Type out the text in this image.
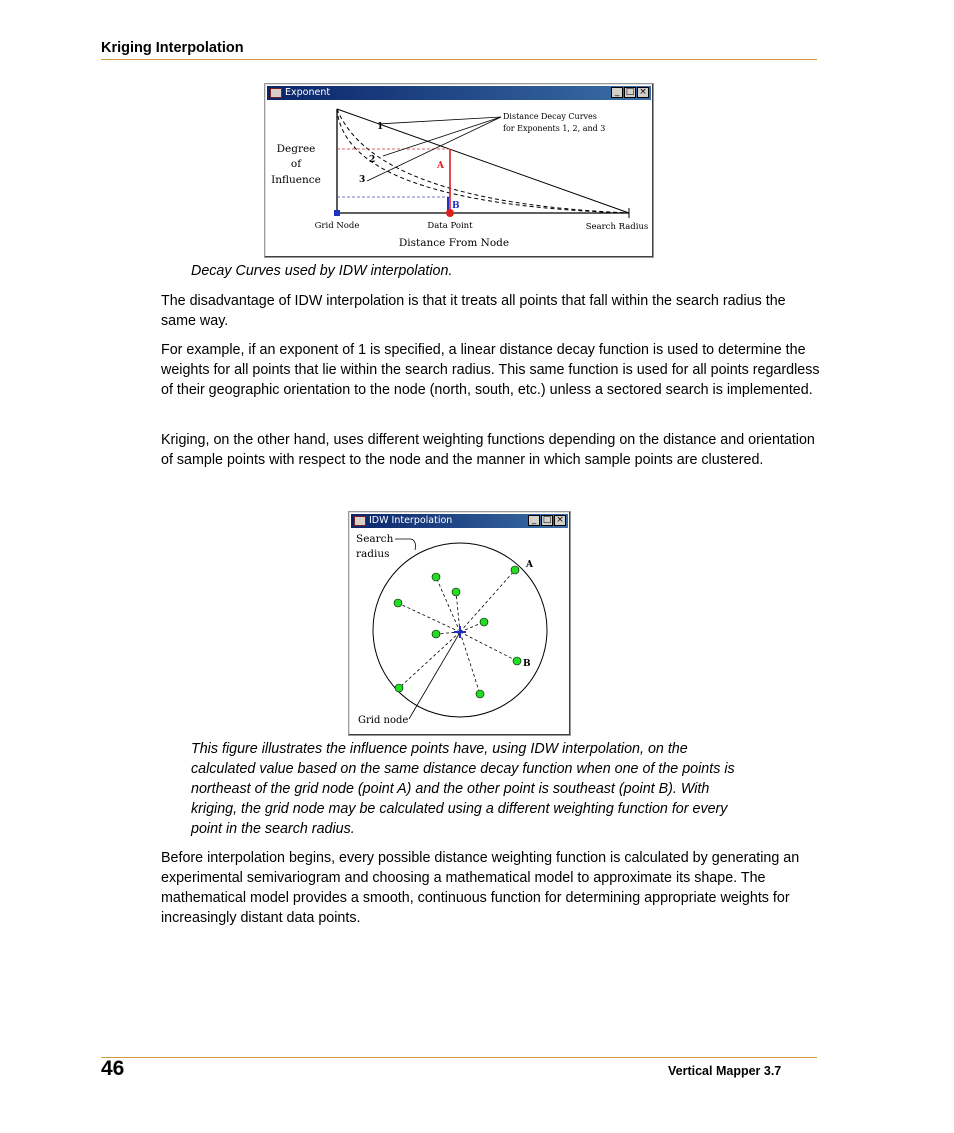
Kriging Interpolation
Exponent	_ □ ×
Degree
of
Influence
Distance Decay Curves
for Exponents 1, 2, and 3
1
2
3
A
B
Grid Node	Data Point	Search Radius
Distance From Node

Decay Curves used by IDW interpolation.

The disadvantage of IDW interpolation is that it treats all points that fall within the search radius the same way.

For example, if an exponent of 1 is specified, a linear distance decay function is used to determine the weights for all points that lie within the search radius. This same function is used for all points regardless of their geographic orientation to the node (north, south, etc.) unless a sectored search is implemented.

Kriging, on the other hand, uses different weighting functions depending on the distance and orientation of sample points with respect to the node and the manner in which sample points are clustered.

IDW Interpolation	_ □ ×
Search
radius
Grid node
A
B
This figure illustrates the influence points have, using IDW interpolation, on the
calculated value based on the same distance decay function when one of the points is
northeast of the grid node (point A) and the other point is southeast (point B). With
kriging, the grid node may be calculated using a different weighting function for every
point in the search radius.

Before interpolation begins, every possible distance weighting function is calculated by generating an experimental semivariogram and choosing a mathematical model to approximate its shape. The mathematical model provides a smooth, continuous function for determining appropriate weights for increasingly distant data points.

46	Vertical Mapper 3.7
